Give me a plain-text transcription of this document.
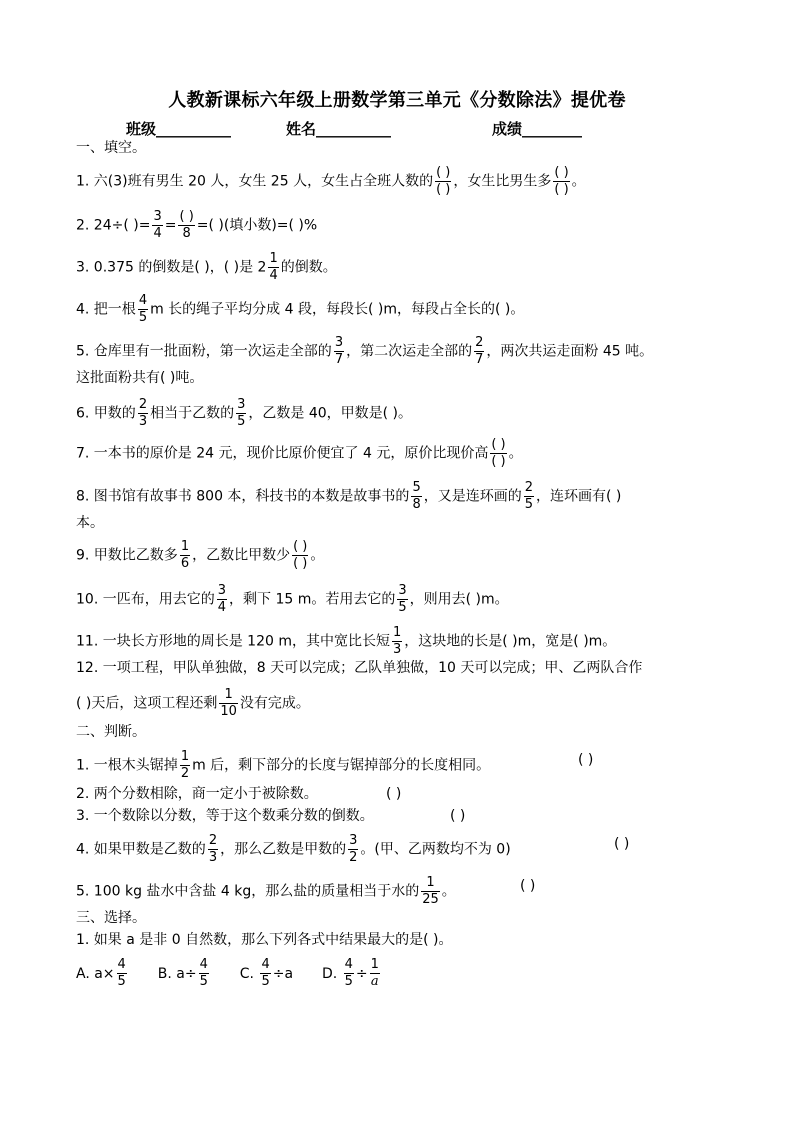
人教新课标六年级上册数学第三单元《分数除法》提优卷
班级__________	姓名__________	成绩________
一、填空。
1. 六(3)班有男生 20 人，女生 25 人，女生占全班人数的 $\frac{( )}{( )}$ ，女生比男生多 $\frac{( )}{( )}$ 。
2. 24÷( )= $\frac{3}{4} = \frac{( )}{8}$ =( )(填小数)=( )%
3. 0.375 的倒数是( )，( )是 $2 \frac{1}{4}$ 的倒数。
4. 把一根 $\frac{4}{5}$ m 长的绳子平均分成 4 段，每段长( )m，每段占全长的( )。
5. 仓库里有一批面粉，第一次运走全部的 $\frac{3}{7}$ ，第二次运走全部的 $\frac{2}{7}$ ，两次共运走面粉 45 吨。
这批面粉共有( )吨。
6. 甲数的 $\frac{2}{3}$ 相当于乙数的 $\frac{3}{5}$ ，乙数是 40，甲数是( )。
7. 一本书的原价是 24 元，现价比原价便宜了 4 元，原价比现价高 $\frac{( )}{( )}$ 。
8. 图书馆有故事书 800 本，科技书的本数是故事书的 $\frac{5}{8}$ ，又是连环画的 $\frac{2}{5}$ ，连环画有( )
本。
9. 甲数比乙数多 $\frac{1}{6}$ ，乙数比甲数少 $\frac{( )}{( )}$ 。
10. 一匹布，用去它的 $\frac{3}{4}$ ，剩下 15 m。若用去它的 $\frac{3}{5}$ ，则用去( )m。
11. 一块长方形地的周长是 120 m，其中宽比长短 $\frac{1}{3}$ ，这块地的长是( )m，宽是( )m。
12. 一项工程，甲队单独做，8 天可以完成；乙队单独做，10 天可以完成；甲、乙两队合作
( )天后，这项工程还剩 $\frac{1}{10}$ 没有完成。
二、判断。
1. 一根木头锯掉 $\frac{1}{2}$ m 后，剩下部分的长度与锯掉部分的长度相同。	( )
2. 两个分数相除，商一定小于被除数。	( )
3. 一个数除以分数，等于这个数乘分数的倒数。	( )
4. 如果甲数是乙数的 $\frac{2}{3}$ ，那么乙数是甲数的 $\frac{3}{2}$ 。(甲、乙两数均不为 0)	( )
5. 100 kg 盐水中含盐 4 kg，那么盐的质量相当于水的 $\frac{1}{25}$ 。	( )
三、选择。
1. 如果 a 是非 0 自然数，那么下列各式中结果最大的是( )。
A. $a\times \frac{4}{5} B$. $a\div \frac{4}{5} C$. $\frac{4}{5} \div a$ D. $\frac{4}{5} \div \frac{1}{a}$
